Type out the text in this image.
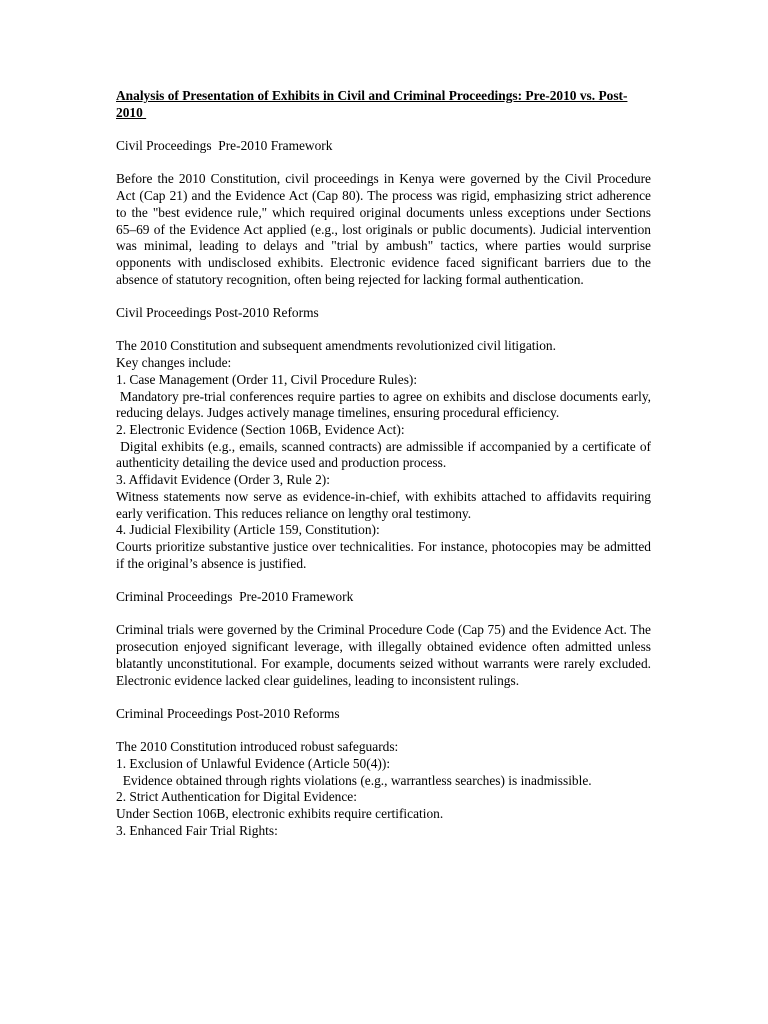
Analysis of Presentation of Exhibits in Civil and Criminal Proceedings: Pre-2010 vs. Post-2010
Civil Proceedings  Pre-2010 Framework

Before the 2010 Constitution, civil proceedings in Kenya were governed by the Civil Procedure Act (Cap 21) and the Evidence Act (Cap 80). The process was rigid, emphasizing strict adherence to the "best evidence rule," which required original documents unless exceptions under Sections 65–69 of the Evidence Act applied (e.g., lost originals or public documents). Judicial intervention was minimal, leading to delays and "trial by ambush" tactics, where parties would surprise opponents with undisclosed exhibits. Electronic evidence faced significant barriers due to the absence of statutory recognition, often being rejected for lacking formal authentication.

Civil Proceedings Post-2010 Reforms

The 2010 Constitution and subsequent amendments revolutionized civil litigation.

Key changes include:

1. Case Management (Order 11, Civil Procedure Rules):

Mandatory pre-trial conferences require parties to agree on exhibits and disclose documents early, reducing delays. Judges actively manage timelines, ensuring procedural efficiency.

2. Electronic Evidence (Section 106B, Evidence Act):

Digital exhibits (e.g., emails, scanned contracts) are admissible if accompanied by a certificate of authenticity detailing the device used and production process.

3. Affidavit Evidence (Order 3, Rule 2):

Witness statements now serve as evidence-in-chief, with exhibits attached to affidavits requiring early verification. This reduces reliance on lengthy oral testimony.

4. Judicial Flexibility (Article 159, Constitution):

Courts prioritize substantive justice over technicalities. For instance, photocopies may be admitted if the original’s absence is justified.

Criminal Proceedings  Pre-2010 Framework

Criminal trials were governed by the Criminal Procedure Code (Cap 75) and the Evidence Act. The prosecution enjoyed significant leverage, with illegally obtained evidence often admitted unless blatantly unconstitutional. For example, documents seized without warrants were rarely excluded. Electronic evidence lacked clear guidelines, leading to inconsistent rulings.

Criminal Proceedings Post-2010 Reforms

The 2010 Constitution introduced robust safeguards:

1. Exclusion of Unlawful Evidence (Article 50(4)):

Evidence obtained through rights violations (e.g., warrantless searches) is inadmissible.

2. Strict Authentication for Digital Evidence:

Under Section 106B, electronic exhibits require certification.

3. Enhanced Fair Trial Rights:
